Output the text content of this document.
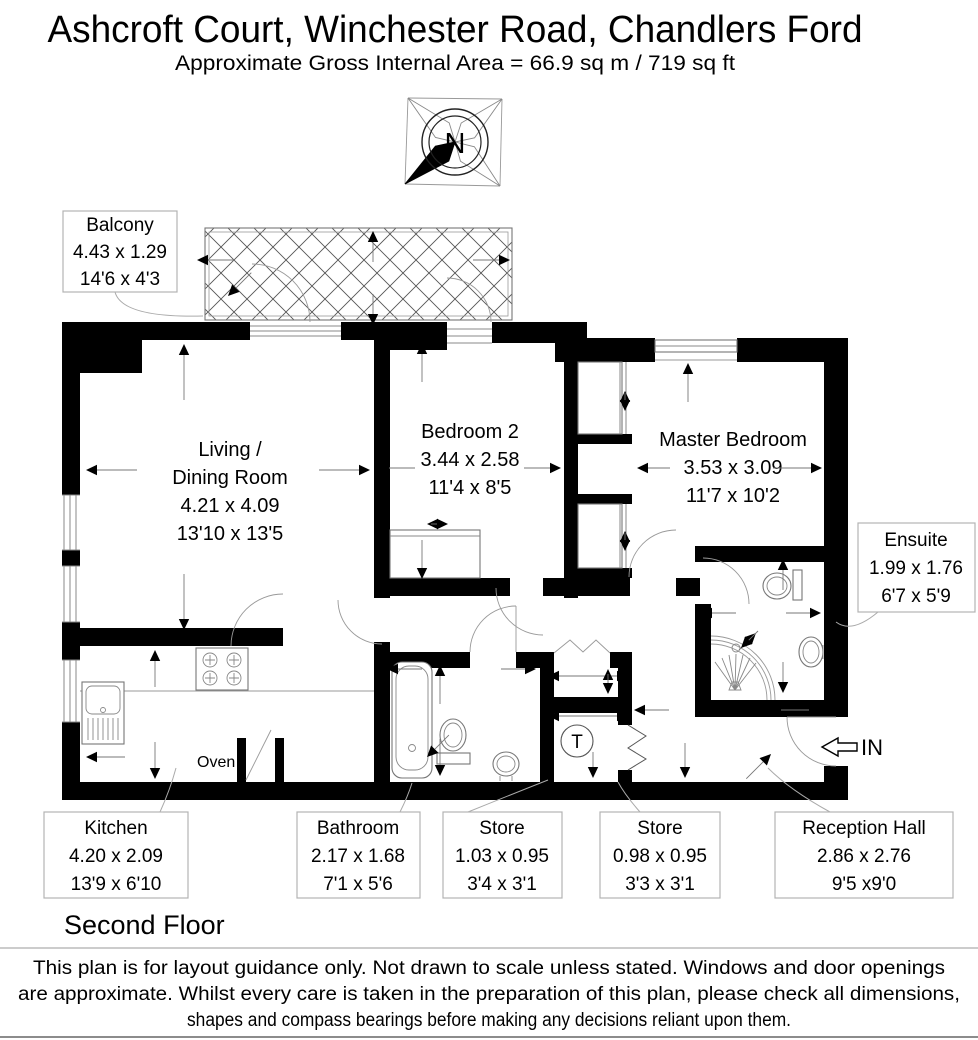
Ashcroft Court, Winchester Road, Chandlers Ford
Approximate Gross Internal Area = 66.9 sq m / 719 sq ft
N
Oven
T	IN
Living /
Dining Room
4.21 x 4.09
13'10 x 13'5
Bedroom 2
3.44 x 2.58
11'4 x 8'5
Master Bedroom
3.53 x 3.09
11'7 x 10'2
Balcony
4.43 x 1.29
14'6 x 4'3
Ensuite
1.99 x 1.76
6'7 x 5'9
Kitchen
4.20 x 2.09
13'9 x 6'10
Bathroom
2.17 x 1.68
7'1 x 5'6
Store
1.03 x 0.95
3'4 x 3'1
Store
0.98 x 0.95
3'3 x 3'1
Reception Hall
2.86 x 2.76
9'5 x9'0
Second Floor
This plan is for layout guidance only. Not drawn to scale unless stated. Windows and door openings
are approximate. Whilst every care is taken in the preparation of this plan, please check all dimensions,
shapes and compass bearings before making any decisions reliant upon them.
